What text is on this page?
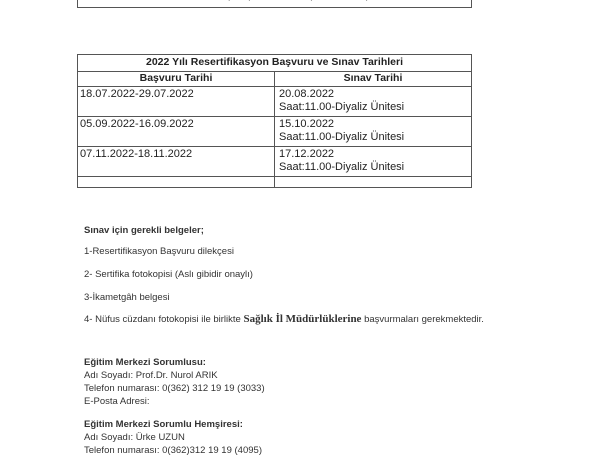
2022 Yılı Resertifikasyon Başvuru ve Sınav Tarihleri	
Başvuru Tarihi	Sınav Tarihi
18.07.2022-29.07.2022	20.08.2022
Saat:11.00-Diyaliz Ünitesi

05.09.2022-16.09.2022	15.10.2022
Saat:11.00-Diyaliz Ünitesi

07.11.2022-18.11.2022	17.12.2022
Saat:11.00-Diyaliz Ünitesi

Sınav için gerekli belgeler;
1-Resertifikasyon Başvuru dilekçesi
2- Sertifika fotokopisi (Aslı gibidir onaylı)
3-İkametgâh belgesi
4- Nüfus cüzdanı fotokopisi ile birlikte Sağlık İl Müdürlüklerine başvurmaları gerekmektedir.
Eğitim Merkezi Sorumlusu:
Adı Soyadı: Prof.Dr. Nurol ARIK
Telefon numarası: 0(362) 312 19 19 (3033)
E-Posta Adresi:
Eğitim Merkezi Sorumlu Hemşiresi:
Adı Soyadı: Ürke UZUN
Telefon numarası: 0(362)312 19 19 (4095)
